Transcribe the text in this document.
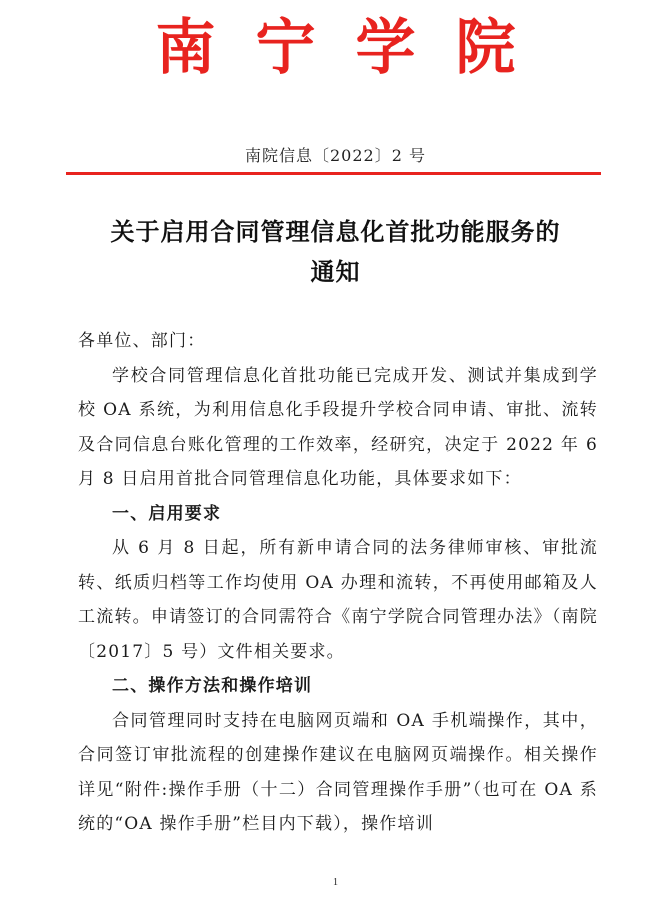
南宁学院
南院信息〔2022〕2 号
关于启用合同管理信息化首批功能服务的
通知

各单位、部门：

学校合同管理信息化首批功能已完成开发、测试并集成到学校 OA 系统，为利用信息化手段提升学校合同申请、审批、流转及合同信息台账化管理的工作效率，经研究，决定于 2022 年 6 月 8 日启用首批合同管理信息化功能，具体要求如下：

一、启用要求

从 6 月 8 日起，所有新申请合同的法务律师审核、审批流转、纸质归档等工作均使用 OA 办理和流转，不再使用邮箱及人工流转。申请签订的合同需符合《南宁学院合同管理办法》（南院〔2017〕5 号）文件相关要求。

二、操作方法和操作培训

合同管理同时支持在电脑网页端和 OA 手机端操作，其中，合同签订审批流程的创建操作建议在电脑网页端操作。相关操作详见“附件:操作手册（十二）合同管理操作手册”（也可在 OA 系统的“OA 操作手册”栏目内下载），操作培训

1
